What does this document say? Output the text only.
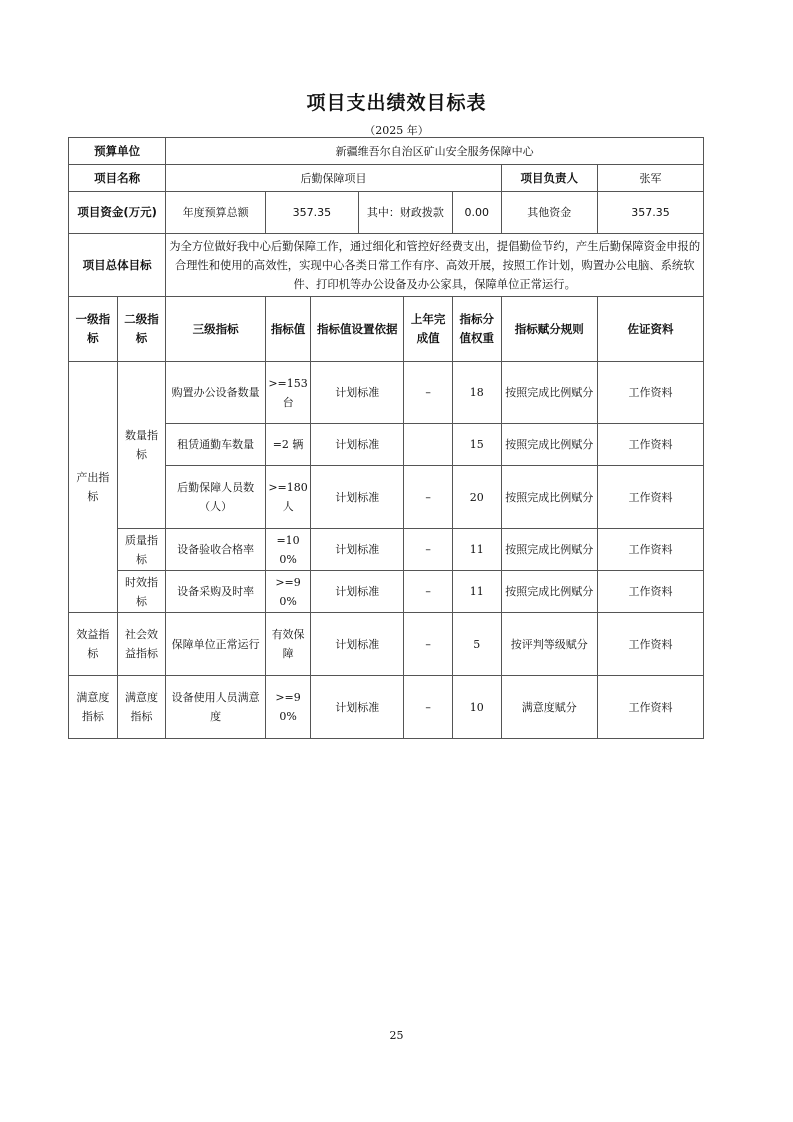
项目支出绩效目标表
（2025 年）
预算单位		新疆维吾尔自治区矿山安全服务保障中心							
项目名称		后勤保障项目						项目负责人	张军
项目资金(万元)		年度预算总额	357.35		其中：财政拨款		0.00	其他资金	357.35
项目总体目标		为全方位做好我中心后勤保障工作，通过细化和管控好经费支出，提倡勤俭节约，产生后勤保障资金申报的合理性和使用的高效性，实现中心各类日常工作有序、高效开展，按照工作计划，购置办公电脑、系统软件、打印机等办公设备及办公家具，保障单位正常运行。							
一级指标	二级指标	三级指标	指标值	指标值设置依据		上年完成值	指标分值权重	指标赋分规则	佐证资料
产出指标	数量指标	购置办公设备数量	>=153台	计划标准		–	18	按照完成比例赋分	工作资料
		租赁通勤车数量	=2 辆	计划标准			15	按照完成比例赋分	工作资料
		后勤保障人员数（人）	>=180人	计划标准		–	20	按照完成比例赋分	工作资料
	质量指标	设备验收合格率	=100%	计划标准		–	11	按照完成比例赋分	工作资料
	时效指标	设备采购及时率	>=90%	计划标准		–	11	按照完成比例赋分	工作资料
效益指标	社会效益指标	保障单位正常运行	有效保障	计划标准		–	5	按评判等级赋分	工作资料
满意度指标	满意度指标	设备使用人员满意度	>=90%	计划标准		–	10	满意度赋分	工作资料
25
